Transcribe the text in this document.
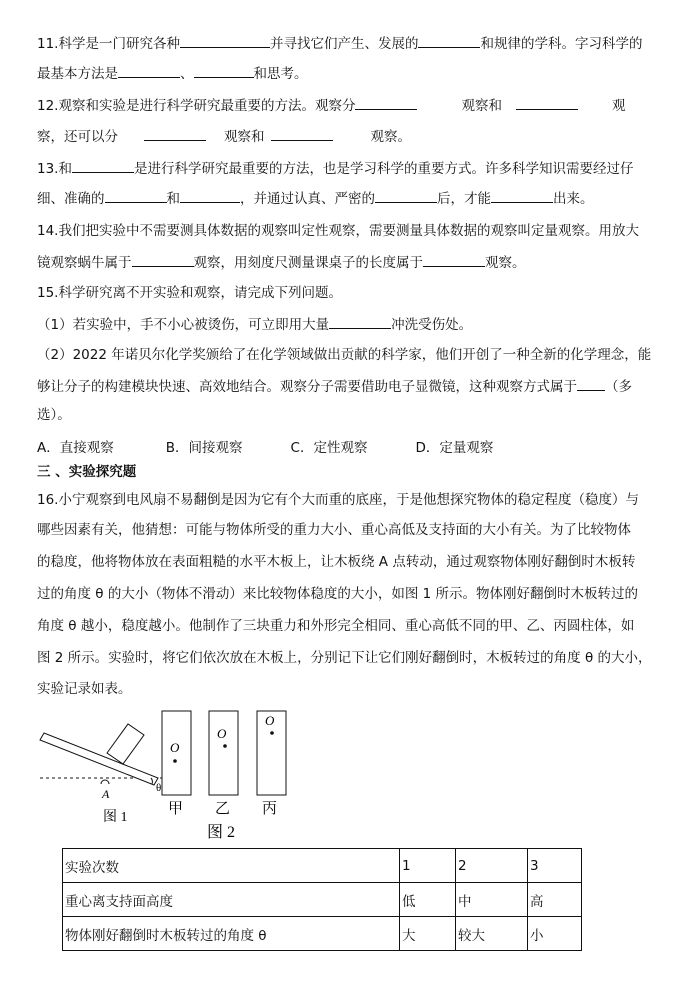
11.科学是一门研究各种	并寻找它们产生、发展的	和规律的学科。字习科学的
最基本方法是	、	和思考。
12.观察和实验是进行科学研究最重要的方法。观察分	观察和	观
察，还可以分	观察和	观察。
13.和	是进行科学研究最重要的方法，也是学习科学的重要方式。许多科学知识需要经过仔
细、准确的	和	，并通过认真、严密的	后，才能	出来。
14.我们把实验中不需要测具体数据的观察叫定性观察，需要测量具体数据的观察叫定量观察。用放大
镜观察蜗牛属于	观察，用刻度尺测量课桌子的长度属于	观察。
15.科学研究离不开实验和观察，请完成下列问题。
（1）若实验中，手不小心被烫伤，可立即用大量	冲洗受伤处。
（2）2022 年诺贝尔化学奖颁给了在化学领域做出贡献的科学家，他们开创了一种全新的化学理念，能
够让分子的构建模块快速、高效地结合。观察分子需要借助电子显微镜，这种观察方式属于 （多
选）。
A．直接观察	B．间接观察	C．定性观察	D．定量观察
三 、实验探究题
16.小宁观察到电风扇不易翻倒是因为它有个大而重的底座，于是他想探究物体的稳定程度（稳度）与
哪些因素有关，他猜想：可能与物体所受的重力大小、重心高低及支持面的大小有关。为了比较物体
的稳度，他将物体放在表面粗糙的水平木板上，让木板绕 A 点转动，通过观察物体刚好翻倒时木板转
过的角度 θ 的大小（物体不滑动）来比较物体稳度的大小，如图 1 所示。物体刚好翻倒时木板转过的
角度 θ 越小，稳度越小。他制作了三块重力和外形完全相同、重心高低不同的甲、乙、丙圆柱体，如
图 2 所示。实验时，将它们依次放在木板上，分别记下让它们刚好翻倒时，木板转过的角度 θ 的大小，
实验记录如表。
A	θ
图 1
O
O
O
甲 乙 丙
图 2
实验次数	1	2	3
重心离支持面高度	低	中	高
物体刚好翻倒时木板转过的角度 θ	大	较大	小
